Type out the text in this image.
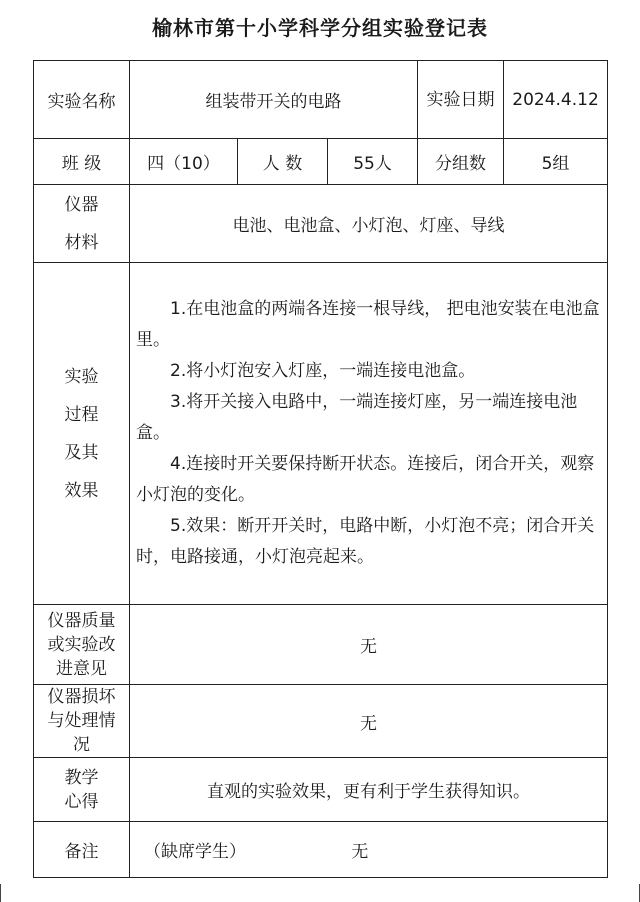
榆林市第十小学科学分组实验登记表
实验名称	组装带开关的电路			实验日期	2024.4.12
班 级	四（10）	人 数	55人	分组数	5组
仪器材料	电池、电池盒、小灯泡、灯座、导线				
实验过程及其效果	1.在电池盒的两端各连接一根导线， 把电池安装在电池盒里。

2.将小灯泡安入灯座，一端连接电池盒。

3.将开关接入电路中，一端连接灯座，另一端连接电池盒。

4.连接时开关要保持断开状态。连接后，闭合开关，观察小灯泡的变化。

5.效果：断开开关时，电路中断，小灯泡不亮；闭合开关时，电路接通，小灯泡亮起来。				

仪器质量或实验改进意见	无				
仪器损坏与处理情况	无				
教学心得	直观的实验效果，更有利于学生获得知识。				
备注	（缺席学生） 无				
